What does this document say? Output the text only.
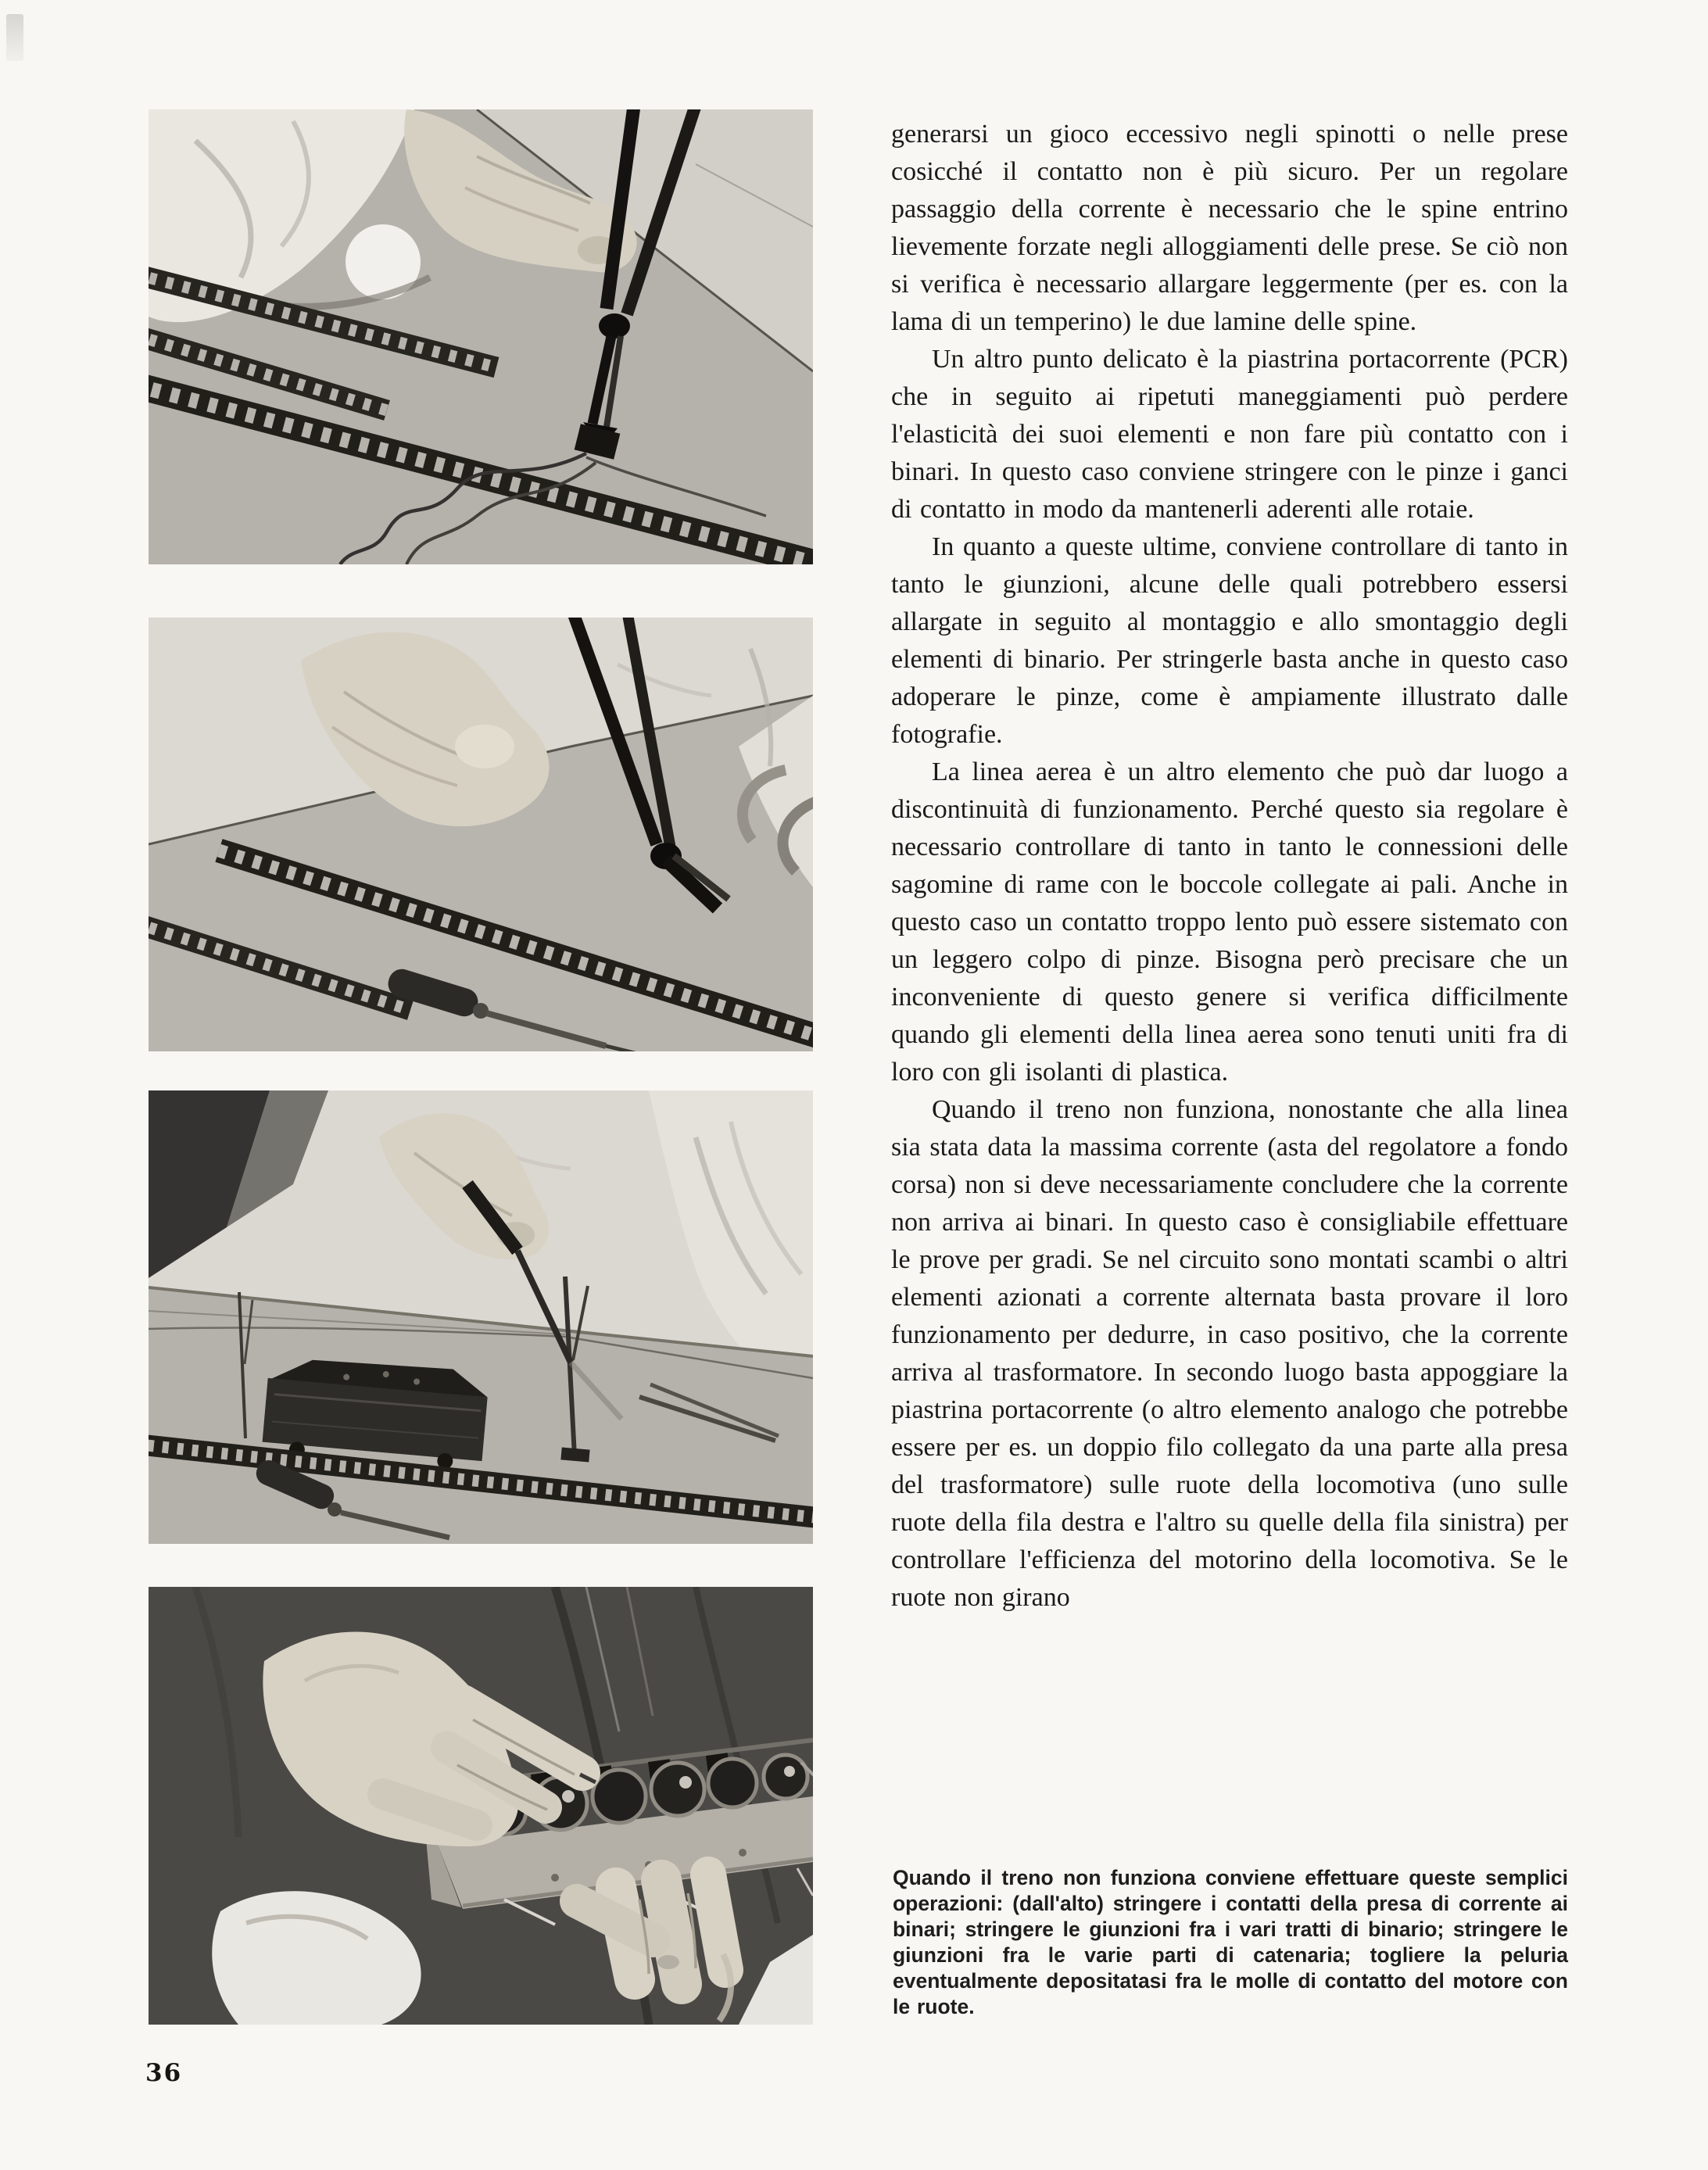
generarsi un gioco eccessivo negli spinotti o nelle prese cosicché il contatto non è più sicuro. Per un regolare passaggio della corrente è necessario che le spine entrino lievemente forzate negli alloggiamenti delle prese. Se ciò non si verifica è necessario allargare leggermente (per es. con la lama di un temperino) le due lamine delle spine.

Un altro punto delicato è la piastrina portacorrente (PCR) che in seguito ai ripetuti maneggiamenti può perdere l'elasticità dei suoi elementi e non fare più contatto con i binari. In questo caso conviene stringere con le pinze i ganci di contatto in modo da mantenerli aderenti alle rotaie.

In quanto a queste ultime, conviene controllare di tanto in tanto le giunzioni, alcune delle quali potrebbero essersi allargate in seguito al montaggio e allo smontaggio degli elementi di binario. Per stringerle basta anche in questo caso adoperare le pinze, come è ampiamente illustrato dalle fotografie.

La linea aerea è un altro elemento che può dar luogo a discontinuità di funzionamento. Perché questo sia regolare è necessario controllare di tanto in tanto le connessioni delle sagomine di rame con le boccole collegate ai pali. Anche in questo caso un contatto troppo lento può essere sistemato con un leggero colpo di pinze. Bisogna però precisare che un inconveniente di questo genere si verifica difficilmente quando gli elementi della linea aerea sono tenuti uniti fra di loro con gli isolanti di plastica.

Quando il treno non funziona, nonostante che alla linea sia stata data la massima corrente (asta del regolatore a fondo corsa) non si deve necessariamente concludere che la corrente non arriva ai binari. In questo caso è consigliabile effettuare le prove per gradi. Se nel circuito sono montati scambi o altri elementi azionati a corrente alternata basta provare il loro funzionamento per dedurre, in caso positivo, che la corrente arriva al trasformatore. In secondo luogo basta appoggiare la piastrina portacorrente (o altro elemento analogo che potrebbe essere per es. un doppio filo collegato da una parte alla presa del trasformatore) sulle ruote della locomotiva (uno sulle ruote della fila destra e l'altro su quelle della fila sinistra) per controllare l'efficienza del motorino della locomotiva. Se le ruote non girano

Quando il treno non funziona conviene effettuare queste semplici operazioni: (dall'alto) stringere i contatti della presa di corrente ai binari; stringere le giunzioni fra i vari tratti di binario; stringere le giunzioni fra le varie parti di catenaria; togliere la peluria eventualmente depositatasi fra le molle di contatto del motore con le ruote.
36
